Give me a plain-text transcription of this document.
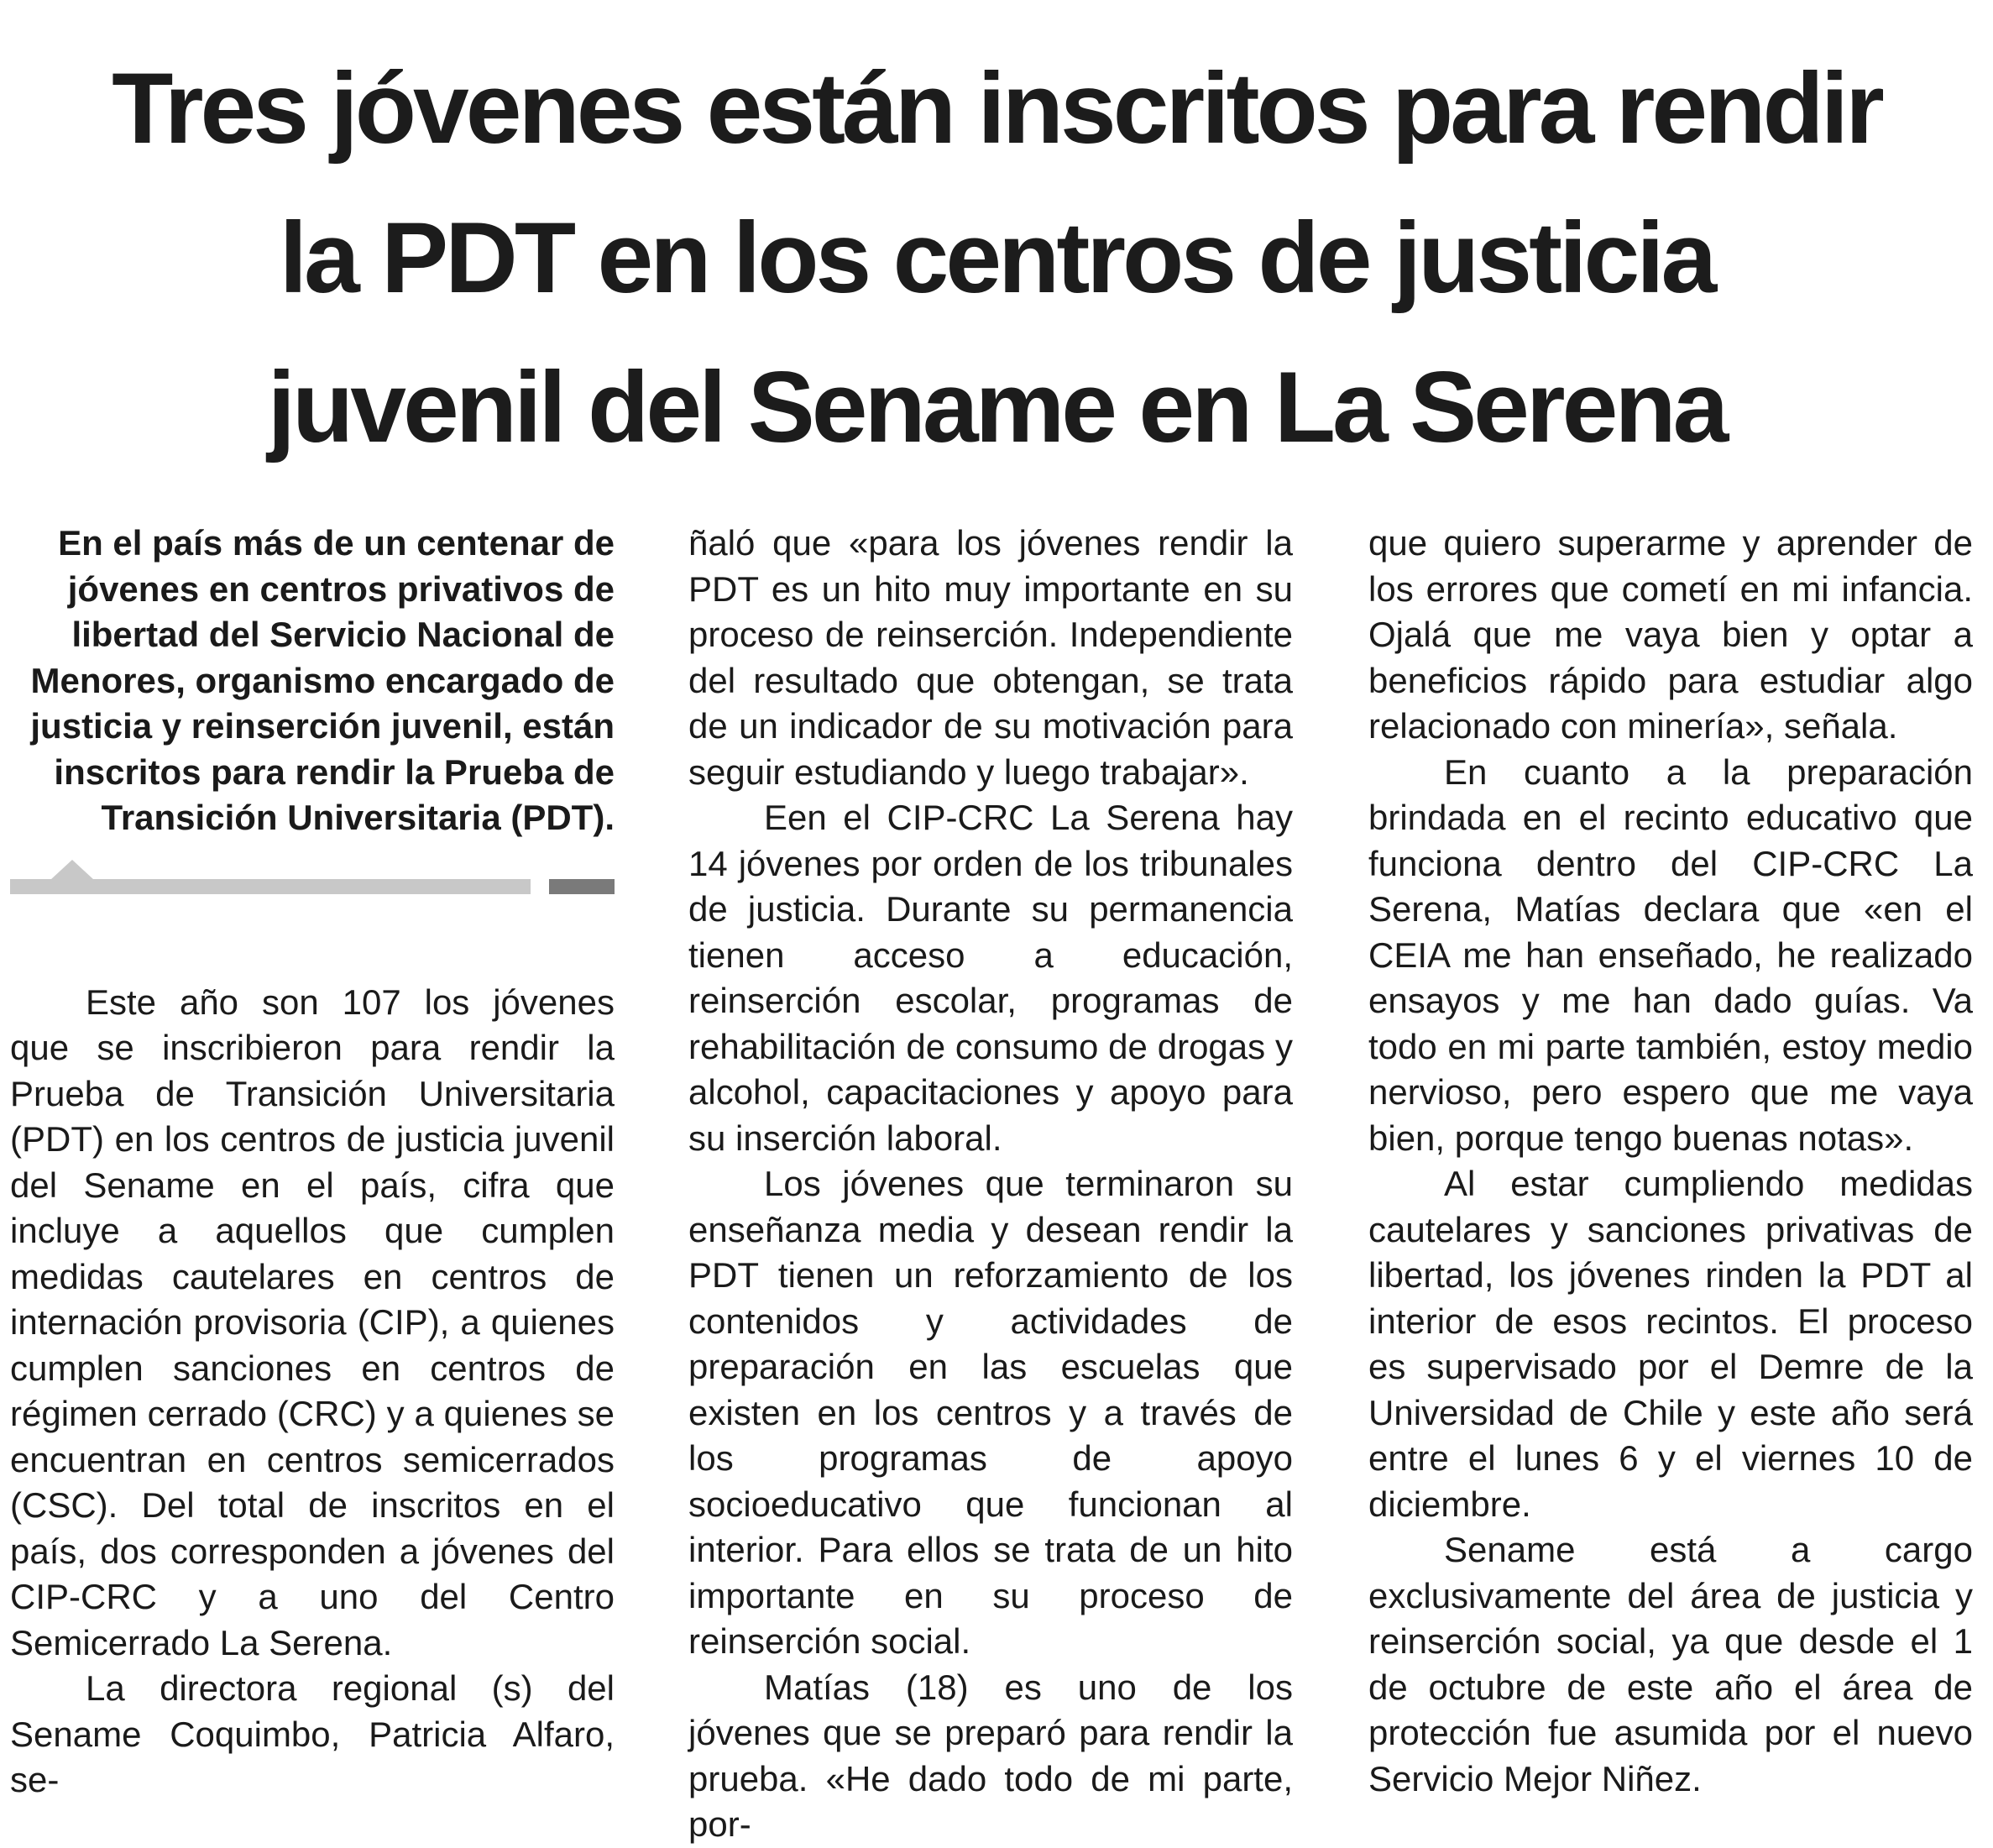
Tres jóvenes están inscritos para rendir
la PDT en los centros de justicia
juvenil del Sename en La Serena

En el país más de un centenar de jóvenes en centros privativos de libertad del Servicio Nacional de Menores, organismo encargado de justicia y reinserción juvenil, están inscritos para rendir la Prueba de Transición Universitaria (PDT).

Este año son 107 los jóvenes que se inscribieron para rendir la Prueba de Transición Universitaria (PDT) en los centros de justicia juvenil del Sename en el país, cifra que incluye a aquellos que cumplen medidas cautelares en centros de internación provisoria (CIP), a quienes cumplen sanciones en centros de régimen cerrado (CRC) y a quienes se encuentran en centros semicerrados (CSC). Del total de inscritos en el país, dos corresponden a jóvenes del CIP-CRC y a uno del Centro Semicerrado La Serena.

La directora regional (s) del Sename Coquimbo, Patricia Alfaro, se-

ñaló que «para los jóvenes rendir la PDT es un hito muy importante en su proceso de reinserción. Independiente del resultado que obtengan, se trata de un indicador de su motivación para seguir estudiando y luego trabajar».

Een el CIP-CRC La Serena hay 14 jóvenes por orden de los tribunales de justicia. Durante su permanencia tienen acceso a educación, reinserción escolar, programas de rehabilitación de consumo de drogas y alcohol, capacitaciones y apoyo para su inserción laboral.

Los jóvenes que terminaron su enseñanza media y desean rendir la PDT tienen un reforzamiento de los contenidos y actividades de preparación en las escuelas que existen en los centros y a través de los programas de apoyo socioeducativo que funcionan al interior. Para ellos se trata de un hito importante en su proceso de reinserción social.

Matías (18) es uno de los jóvenes que se preparó para rendir la prueba. «He dado todo de mi parte, por-

que quiero superarme y aprender de los errores que cometí en mi infancia. Ojalá que me vaya bien y optar a beneficios rápido para estudiar algo relacionado con minería», señala.

En cuanto a la preparación brindada en el recinto educativo que funciona dentro del CIP-CRC La Serena, Matías declara que «en el CEIA me han enseñado, he realizado ensayos y me han dado guías. Va todo en mi parte también, estoy medio nervioso, pero espero que me vaya bien, porque tengo buenas notas».

Al estar cumpliendo medidas cautelares y sanciones privativas de libertad, los jóvenes rinden la PDT al interior de esos recintos. El proceso es supervisado por el Demre de la Universidad de Chile y este año será entre el lunes 6 y el viernes 10 de diciembre.

Sename está a cargo exclusivamente del área de justicia y reinserción social, ya que desde el 1 de octubre de este año el área de protección fue asumida por el nuevo Servicio Mejor Niñez.
